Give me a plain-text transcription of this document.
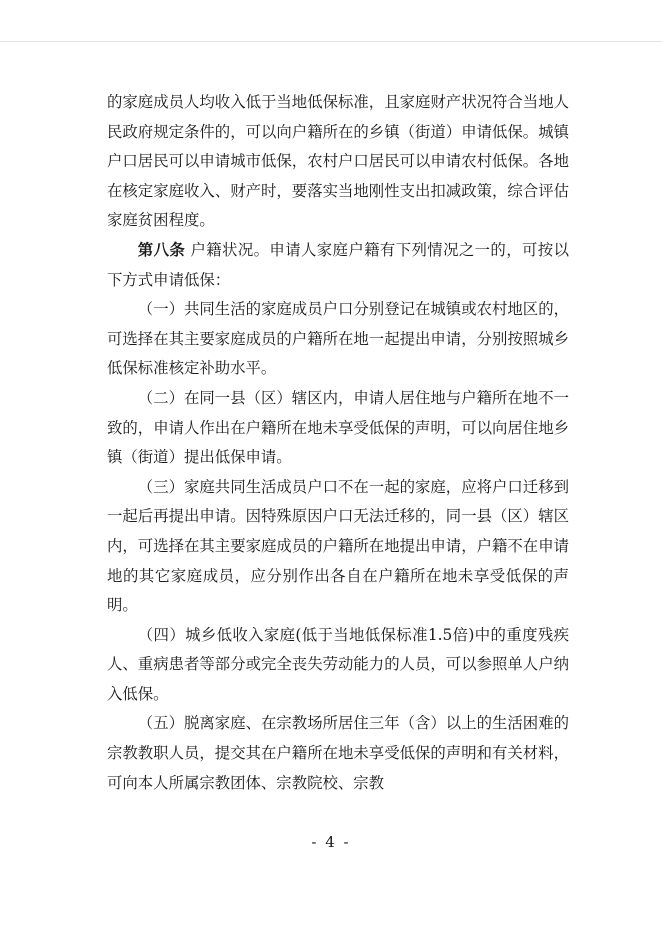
的家庭成员人均收入低于当地低保标准，且家庭财产状况符合当地人民政府规定条件的，可以向户籍所在的乡镇（街道）申请低保。城镇户口居民可以申请城市低保，农村户口居民可以申请农村低保。各地在核定家庭收入、财产时，要落实当地刚性支出扣减政策，综合评估家庭贫困程度。

第八条 户籍状况。申请人家庭户籍有下列情况之一的，可按以下方式申请低保：

（一）共同生活的家庭成员户口分别登记在城镇或农村地区的，可选择在其主要家庭成员的户籍所在地一起提出申请，分别按照城乡低保标准核定补助水平。

（二）在同一县（区）辖区内，申请人居住地与户籍所在地不一致的，申请人作出在户籍所在地未享受低保的声明，可以向居住地乡镇（街道）提出低保申请。

（三）家庭共同生活成员户口不在一起的家庭，应将户口迁移到一起后再提出申请。因特殊原因户口无法迁移的，同一县（区）辖区内，可选择在其主要家庭成员的户籍所在地提出申请，户籍不在申请地的其它家庭成员，应分别作出各自在户籍所在地未享受低保的声明。

（四）城乡低收入家庭(低于当地低保标准1.5倍)中的重度残疾人、重病患者等部分或完全丧失劳动能力的人员，可以参照单人户纳入低保。

（五）脱离家庭、在宗教场所居住三年（含）以上的生活困难的宗教教职人员，提交其在户籍所在地未享受低保的声明和有关材料，可向本人所属宗教团体、宗教院校、宗教

- 4 -
